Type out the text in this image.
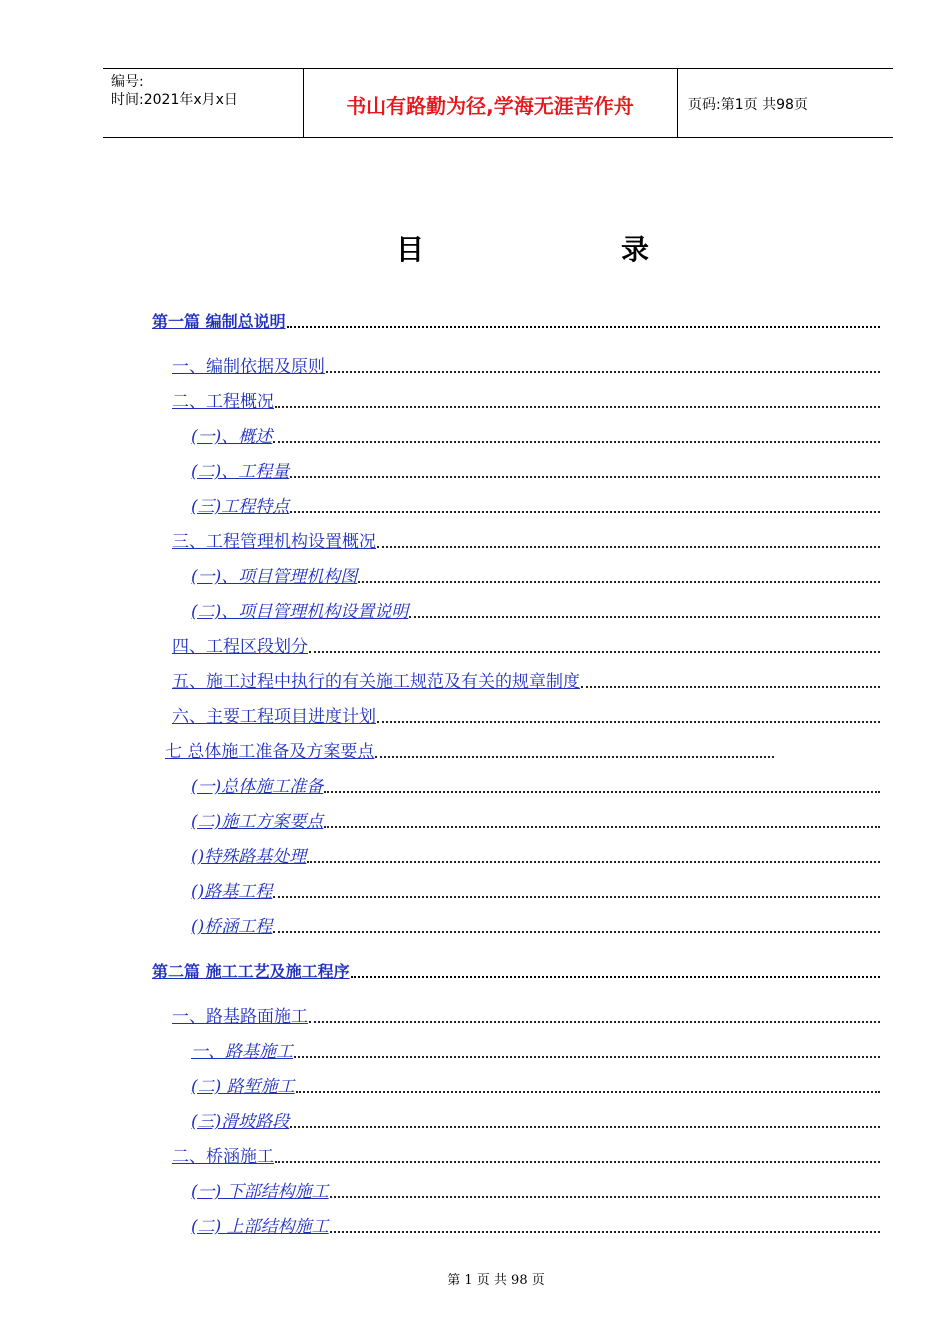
编号:
时间:2021年x月x日	书山有路勤为径,学海无涯苦作舟	页码:第1页 共98页
目	录
第一篇 编制总说明
一、编制依据及原则
二、工程概况
(一)、概述
(二)、工程量
(三)工程特点
三、工程管理机构设置概况
(一)、项目管理机构图
(二)、项目管理机构设置说明
四、工程区段划分
五、施工过程中执行的有关施工规范及有关的规章制度
六、主要工程项目进度计划
七 总体施工准备及方案要点
(一)总体施工准备
(二)施工方案要点
()特殊路基处理
()路基工程
()桥涵工程
第二篇 施工工艺及施工程序
一、路基路面施工
一、路基施工
(二) 路堑施工
(三)滑坡路段
二、桥涵施工
(一) 下部结构施工
(二) 上部结构施工
第 1 页 共 98 页
